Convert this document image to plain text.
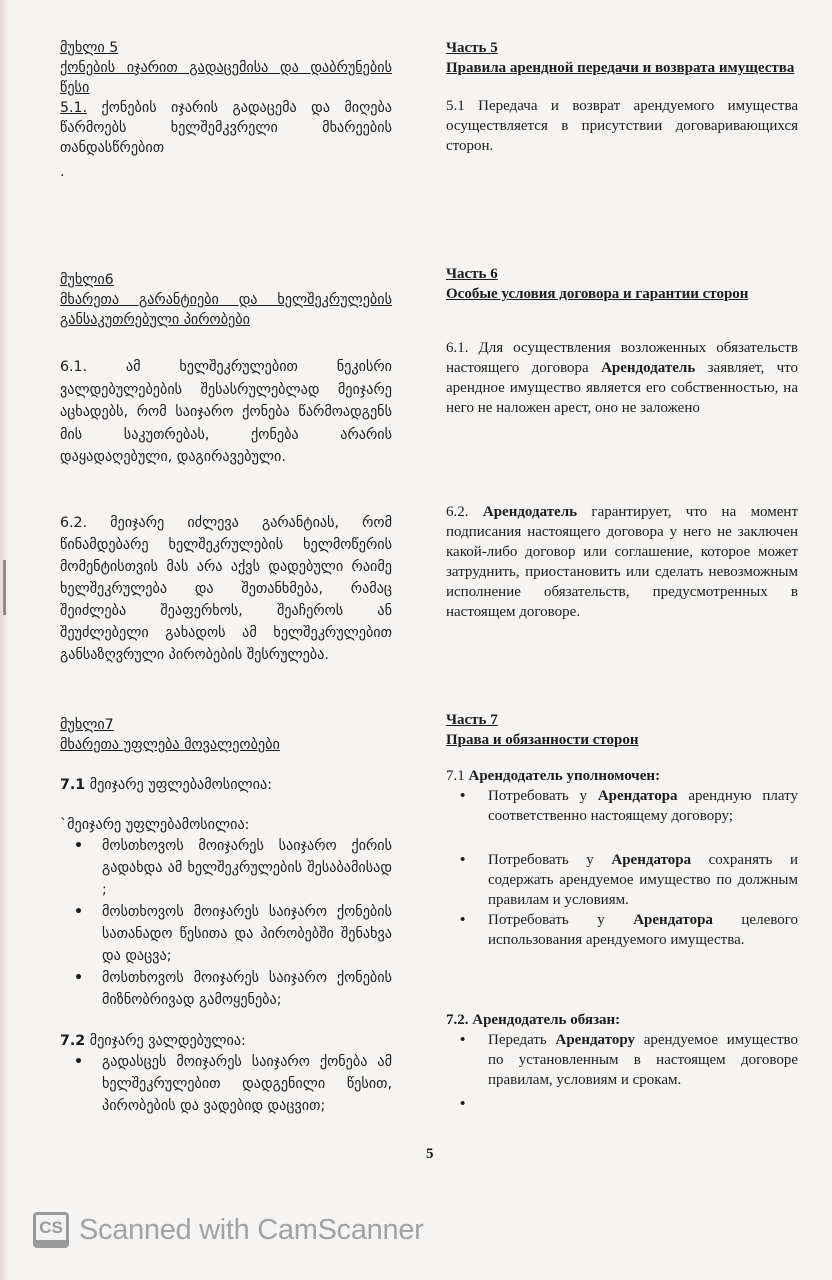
მუხლი 5

ქონების იჯარით გადაცემისა და დაბრუნების წესი

5.1. ქონების იჯარის გადაცემა და მიღება წარმოებს ხელშემკვრელი მხარეების თანდასწრებით

.

მუხლი6

მხარეთა გარანტიები და ხელშეკრულების განსაკუთრებული პირობები

6.1. ამ ხელშეკრულებით ნეკისრი ვალდებულებების შესასრულებლად მეიჯარე აცხადებს, რომ საიჯარო ქონება წარმოადგენს მის საკუთრებას, ქონება არარის დაყადაღებული, დაგირავებული.

6.2. მეიჯარე იძლევა გარანტიას, რომ წინამდებარე ხელშეკრულების ხელმოწერის მომენტისთვის მას არა აქვს დადებული რაიმე ხელშეკრულება და შეთანხმება, რამაც შეიძლება შეაფერხოს, შეაჩეროს ან შეუძლებელი გახადოს ამ ხელშეკრულებით განსაზღვრული პირობების შესრულება.

მუხლი7

მხარეთა უფლება მოვალეობები

7.1 მეიჯარე უფლებამოსილია:

`მეიჯარე უფლებამოსილია:

• მოსთხოვოს მოიჯარეს საიჯარო ქირის გადახდა ამ ხელშეკრულების შესაბამისად ;
• მოსთხოვოს მოიჯარეს საიჯარო ქონების სათანადო წესითა და პირობებში შენახვა და დაცვა;
• მოსთხოვოს მოიჯარეს საიჯარო ქონების მიზნობრივად გამოყენება;

7.2 მეიჯარე ვალდებულია:

• გადასცეს მოიჯარეს საიჯარო ქონება ამ ხელშეკრულებით დადგენილი წესით, პირობების და ვადებიდ დაცვით;

Часть 5

Правила арендной передачи и возврата имущества

5.1 Передача и возврат арендуемого имущества осуществляется в присутствии договаривающихся сторон.

Часть 6

Особые условия договора и гарантии сторон

6.1. Для осуществления возложенных обязательств настоящего договора Арендодатель заявляет, что арендное имущество является его собственностью, на него не наложен арест, оно не заложено

6.2. Арендодатель гарантирует, что на момент подписания настоящего договора у него не заключен какой-либо договор или соглашение, которое может затруднить, приостановить или сделать невозможным исполнение обязательств, предусмотренных в настоящем договоре.

Часть 7

Права и обязанности сторон

7.1 Арендодатель уполномочен:

• Потребовать у Арендатора арендную плату соответственно настоящему договору;
• Потребовать у Арендатора сохранять и содержать арендуемое имущество по должным правилам и условиям.
• Потребовать у Арендатора целевого использования арендуемого имущества.

7.2. Арендодатель обязан:

• Передать Арендатору арендуемое имущество по установленным в настоящем договоре правилам, условиям и срокам.
•
5
CS Scanned with CamScanner
